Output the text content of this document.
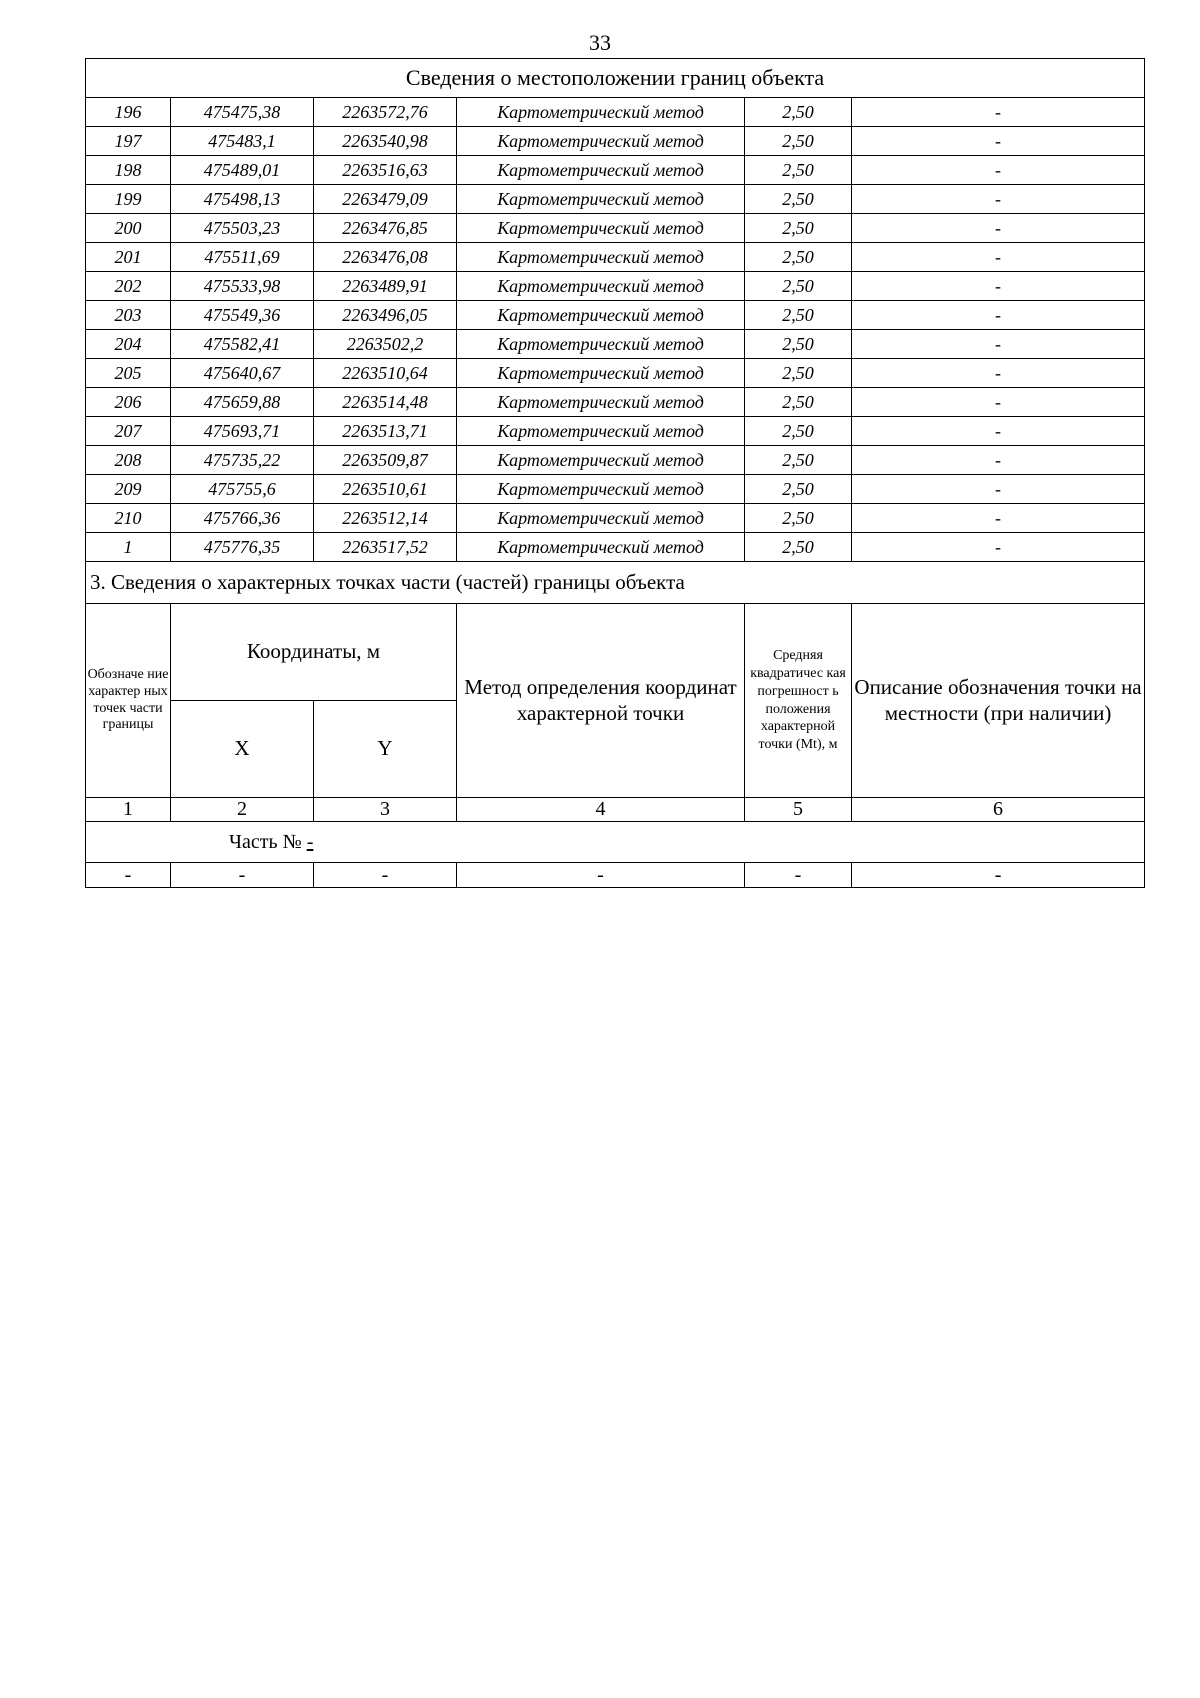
33
Сведения о местоположении границ объекта					
196	475475,38	2263572,76	Картометрический метод	2,50	-
197	475483,1	2263540,98	Картометрический метод	2,50	-
198	475489,01	2263516,63	Картометрический метод	2,50	-
199	475498,13	2263479,09	Картометрический метод	2,50	-
200	475503,23	2263476,85	Картометрический метод	2,50	-
201	475511,69	2263476,08	Картометрический метод	2,50	-
202	475533,98	2263489,91	Картометрический метод	2,50	-
203	475549,36	2263496,05	Картометрический метод	2,50	-
204	475582,41	2263502,2	Картометрический метод	2,50	-
205	475640,67	2263510,64	Картометрический метод	2,50	-
206	475659,88	2263514,48	Картометрический метод	2,50	-
207	475693,71	2263513,71	Картометрический метод	2,50	-
208	475735,22	2263509,87	Картометрический метод	2,50	-
209	475755,6	2263510,61	Картометрический метод	2,50	-
210	475766,36	2263512,14	Картометрический метод	2,50	-
1	475776,35	2263517,52	Картометрический метод	2,50	-
3. Сведения о характерных точках части (частей) границы объекта					
Обозначе ние характер ных точек части границы	Координаты, м		Метод определения координат характерной точки	Средняя квадратичес кая погрешност ь положения характерной точки (Mt), м	Описание обозначения точки на местности (при наличии)
	X	Y			
1	2	3	4	5	6
Часть № -					
-	-	-	-	-	-
